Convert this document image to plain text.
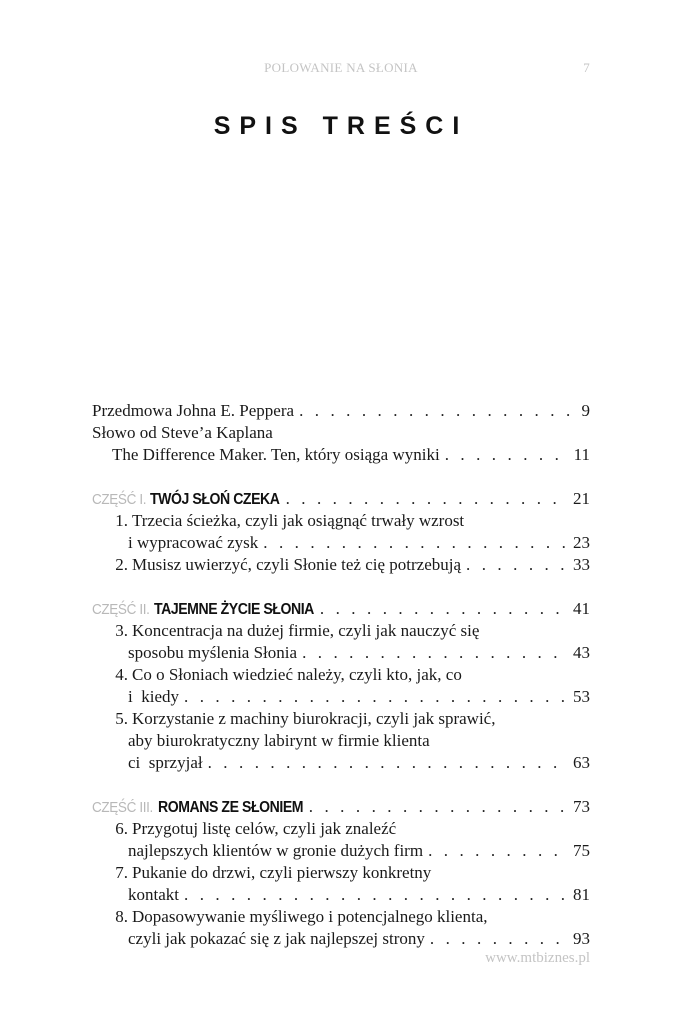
POLOWANIE NA SŁONIA	7
SPIS TREŚCI
Przedmowa Johna E. Peppera . . .	9
Słowo od Steve’a Kaplana
The Difference Maker. Ten, który osiąga wyniki . . .	11
CZĘŚĆ I. TWÓJ SŁOŃ CZEKA . . .	21
1. Trzecia ścieżka, czyli jak osiągnąć trwały wzrost
i wypracować zysk . . .	23
2. Musisz uwierzyć, czyli Słonie też cię potrzebują . . .	33
CZĘŚĆ II. TAJEMNE ŻYCIE SŁONIA . . .	41
3. Koncentracja na dużej firmie, czyli jak nauczyć się
sposobu myślenia Słonia . . .	43
4. Co o Słoniach wiedzieć należy, czyli kto, jak, co
i  kiedy . . .	53
5. Korzystanie z machiny biurokracji, czyli jak sprawić,
aby biurokratyczny labirynt w firmie klienta
ci  sprzyjał . . .	63
CZĘŚĆ III. ROMANS ZE SŁONIEM . . .	73
6. Przygotuj listę celów, czyli jak znaleźć
najlepszych klientów w gronie dużych firm . . .	75
7. Pukanie do drzwi, czyli pierwszy konkretny
kontakt . . .	81
8. Dopasowywanie myśliwego i potencjalnego klienta,
czyli jak pokazać się z jak najlepszej strony . . .	93
www.mtbiznes.pl
